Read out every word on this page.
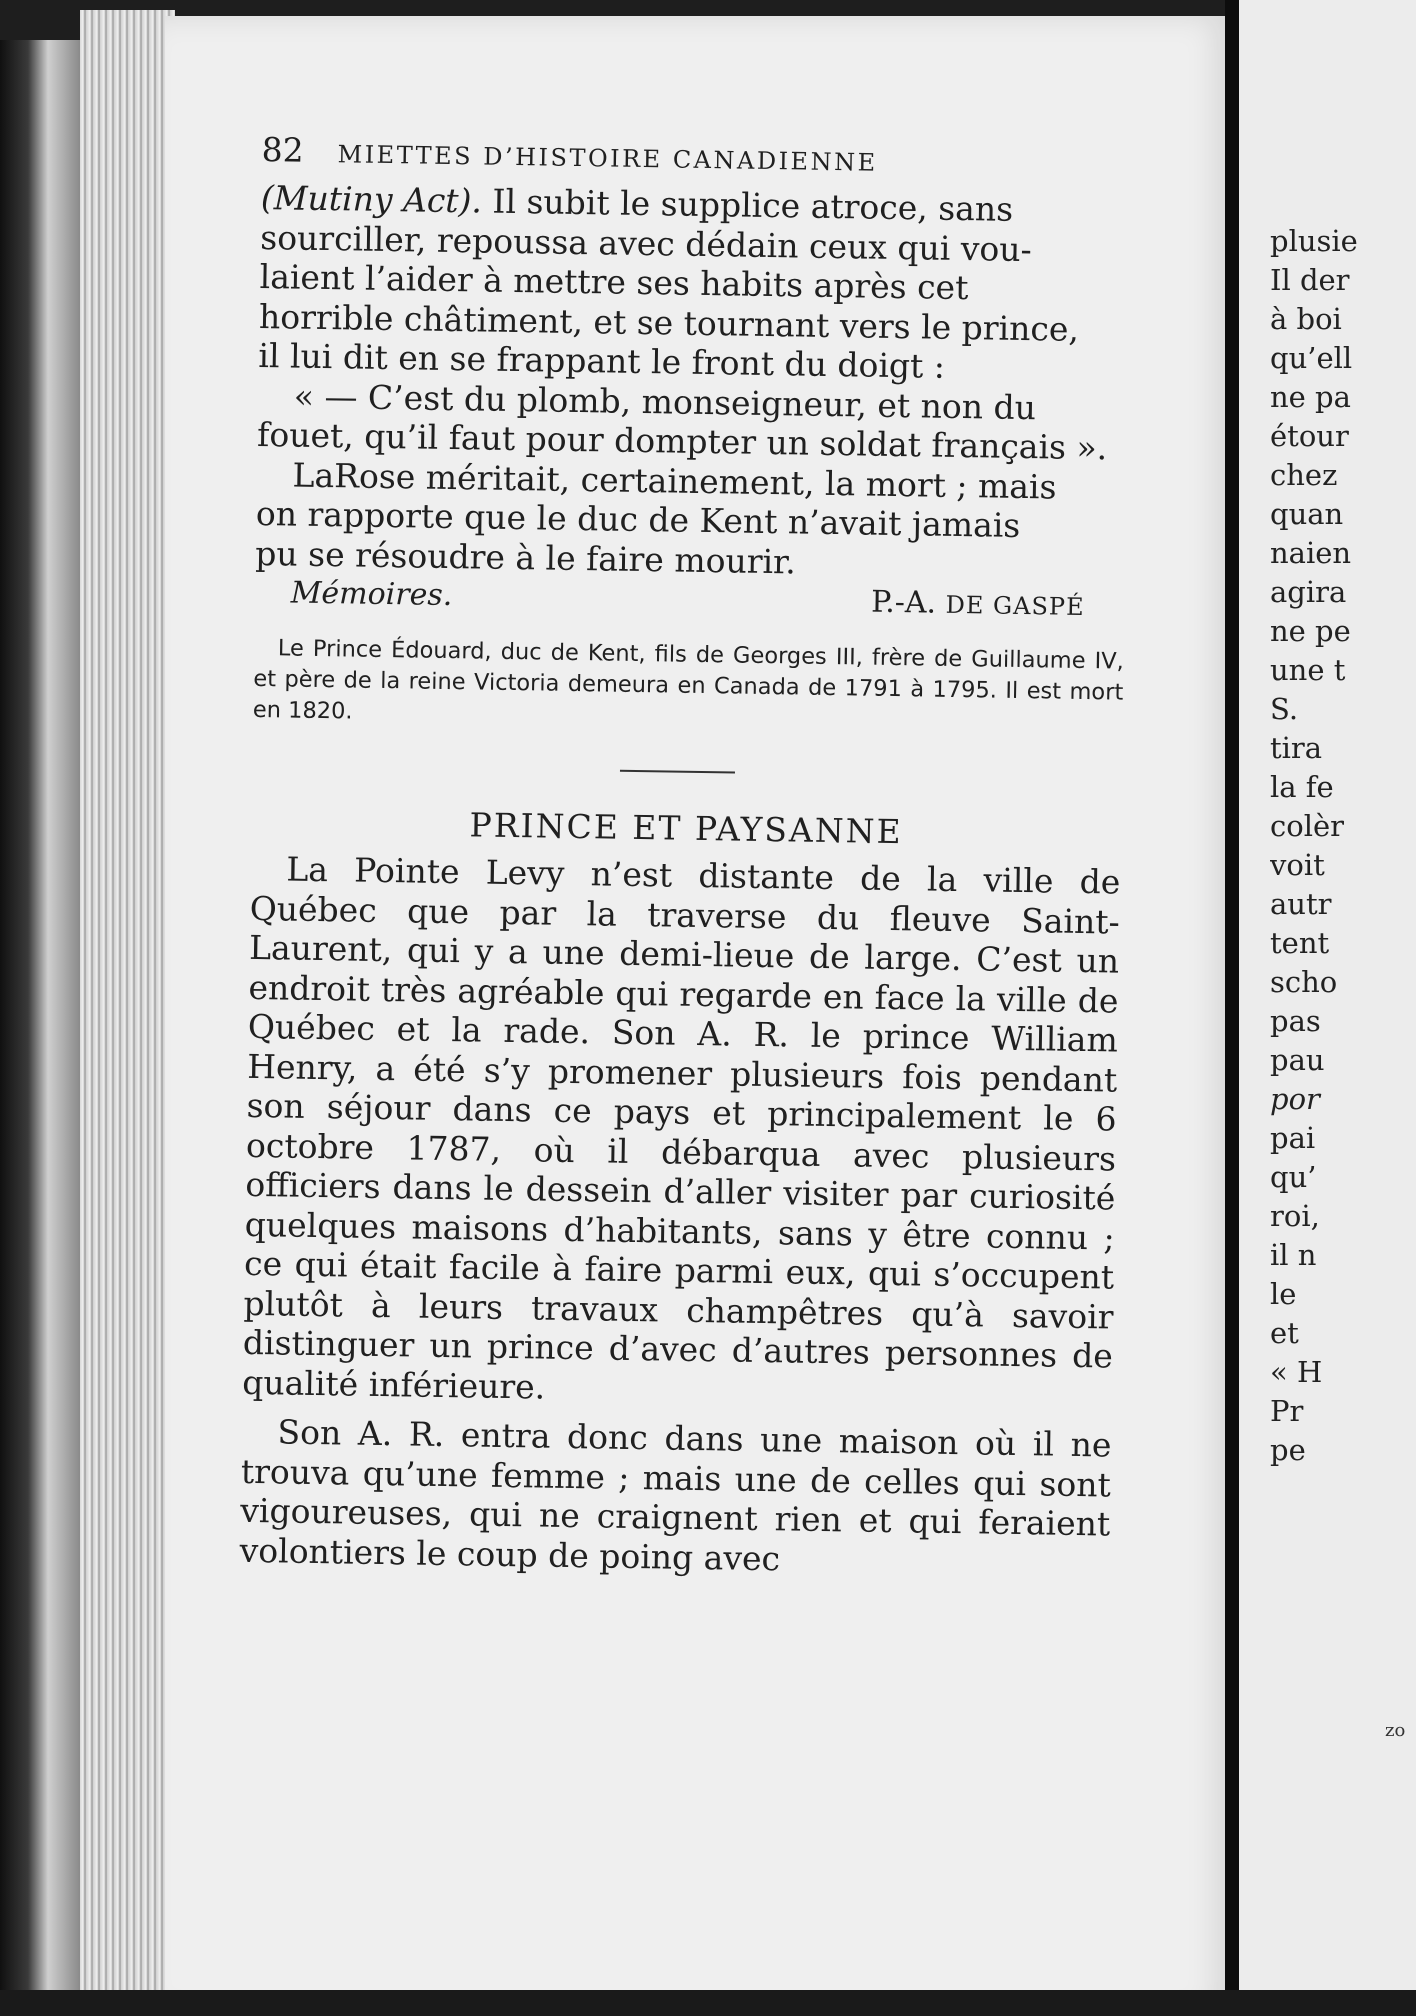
82 MIETTES D’HISTOIRE CANADIENNE

(Mutiny Act). Il subit le supplice atroce, sans

sourciller, repoussa avec dédain ceux qui vou-

laient l’aider à mettre ses habits après cet

horrible châtiment, et se tournant vers le prince,

il lui dit en se frappant le front du doigt :

« — C’est du plomb, monseigneur, et non du

fouet, qu’il faut pour dompter un soldat français ».

LaRose méritait, certainement, la mort ; mais

on rapporte que le duc de Kent n’avait jamais

pu se résoudre à le faire mourir.

Mémoires.	P.-A. DE GASPÉ

Le Prince Édouard, duc de Kent, fils de Georges III, frère de Guillaume IV, et père de la reine Victoria demeura en Canada de 1791 à 1795. Il est mort en 1820.

PRINCE ET PAYSANNE

La Pointe Levy n’est distante de la ville de Québec que par la traverse du fleuve Saint-Laurent, qui y a une demi-lieue de large. C’est un endroit très agréable qui regarde en face la ville de Québec et la rade. Son A. R. le prince William Henry, a été s’y promener plusieurs fois pendant son séjour dans ce pays et principalement le 6 octobre 1787, où il débarqua avec plusieurs officiers dans le dessein d’aller visiter par curiosité quelques maisons d’habitants, sans y être connu ; ce qui était facile à faire parmi eux, qui s’occupent plutôt à leurs travaux champêtres qu’à savoir distinguer un prince d’avec d’autres personnes de qualité inférieure.

Son A. R. entra donc dans une maison où il ne trouva qu’une femme ; mais une de celles qui sont vigoureuses, qui ne craignent rien et qui feraient volontiers le coup de poing avec

plusie
Il der
à boi
qu’ell
ne pa
étour
chez
quan
naien
agira
ne pe
une t
S.
tira
la fe
colèr
voit
autr
tent
scho
pas
pau
por
pai
qu’
roi,
il n
le
et
« H
Pr
pe
zo
